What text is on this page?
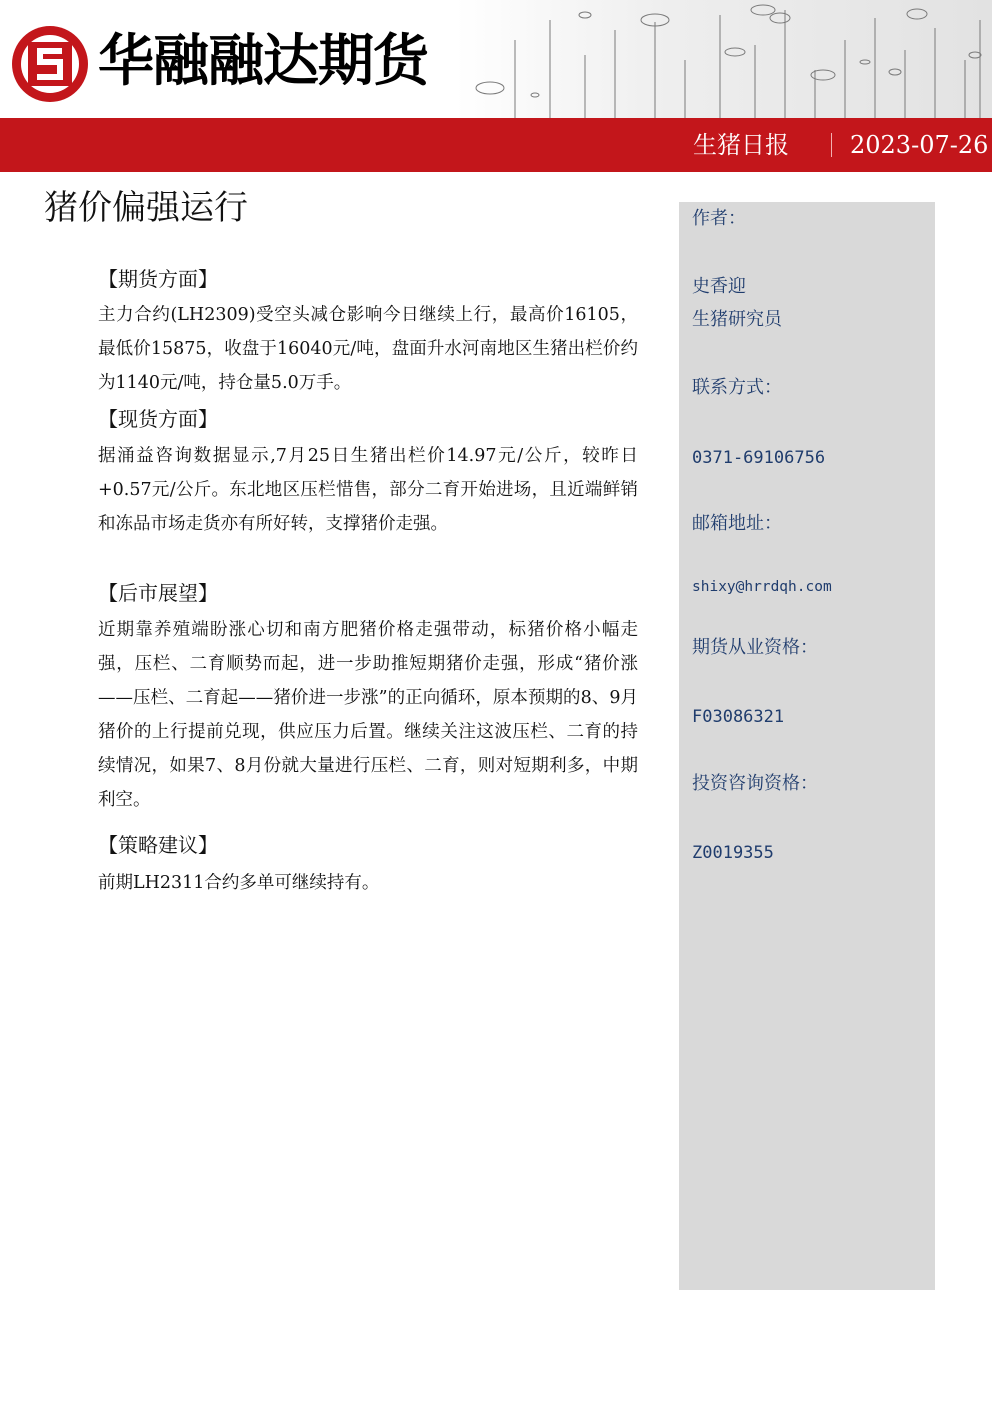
华融融达期货
生猪日报	2023-07-26
猪价偏强运行
【期货方面】
主力合约(LH2309)受空头减仓影响今日继续上行，最高价16105，最低价15875，收盘于16040元/吨，盘面升水河南地区生猪出栏价约为1140元/吨，持仓量5.0万手。
【现货方面】
据涌益咨询数据显示,7月25日生猪出栏价14.97元/公斤，较昨日+0.57元/公斤。东北地区压栏惜售，部分二育开始进场，且近端鲜销和冻品市场走货亦有所好转，支撑猪价走强。
【后市展望】
近期靠养殖端盼涨心切和南方肥猪价格走强带动，标猪价格小幅走强，压栏、二育顺势而起，进一步助推短期猪价走强，形成“猪价涨——压栏、二育起——猪价进一步涨”的正向循环，原本预期的8、9月猪价的上行提前兑现，供应压力后置。继续关注这波压栏、二育的持续情况，如果7、8月份就大量进行压栏、二育，则对短期利多，中期利空。
【策略建议】
前期LH2311合约多单可继续持有。
作者：
史香迎
生猪研究员
联系方式：
0371-69106756
邮箱地址：
shixy@hrrdqh.com
期货从业资格：
F03086321
投资咨询资格：
Z0019355
